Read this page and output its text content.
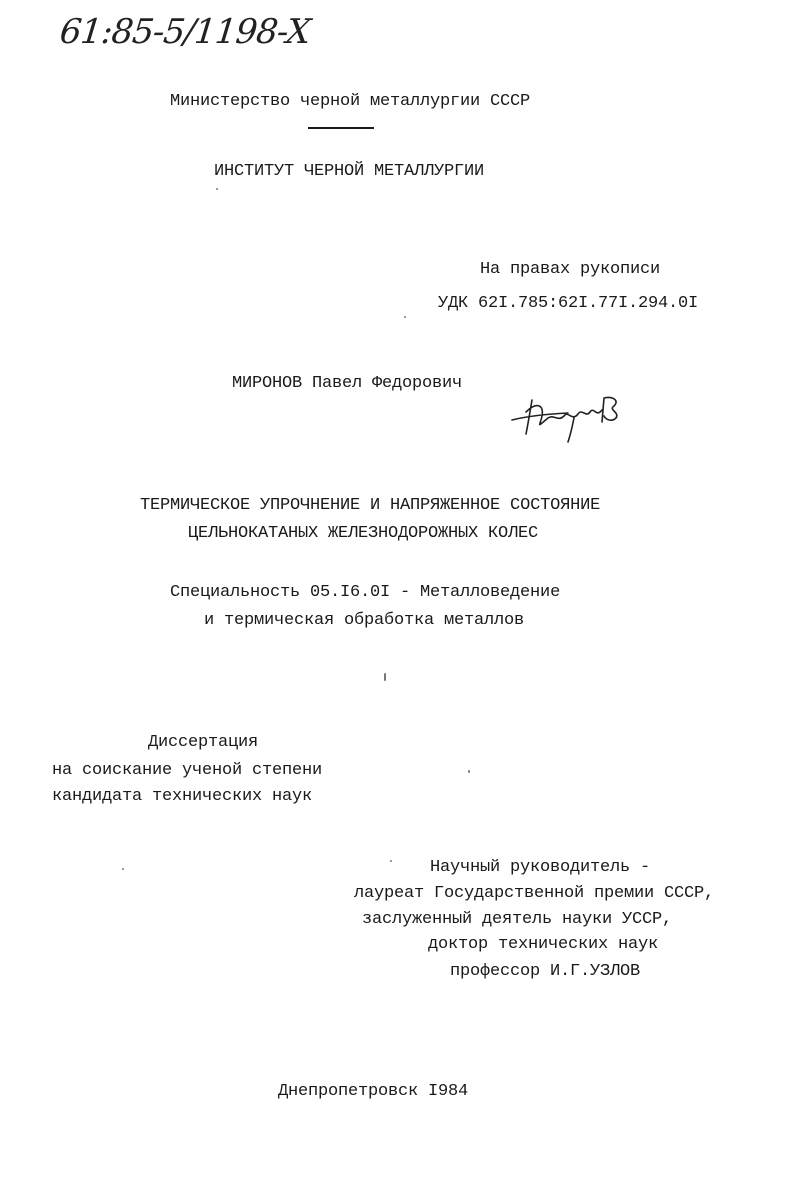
61:85-5/1198-X
Министерство черной металлургии СССР
ИНСТИТУТ ЧЕРНОЙ МЕТАЛЛУРГИИ
На правах рукописи
УДК 62I.785:62I.77I.294.0I
МИРОНОВ Павел Федорович
ТЕРМИЧЕСКОЕ УПРОЧНЕНИЕ И НАПРЯЖЕННОЕ СОСТОЯНИЕ
ЦЕЛЬНОКАТАНЫХ ЖЕЛЕЗНОДОРОЖНЫХ КОЛЕС
Специальность 05.I6.0I - Металловедение
и термическая обработка металлов
Диссертация
на соискание ученой степени
кандидата технических наук
Научный руководитель -
лауреат Государственной премии СССР,
заслуженный деятель науки УССР,
доктор технических наук
профессор И.Г.УЗЛОВ
Днепропетровск I984
